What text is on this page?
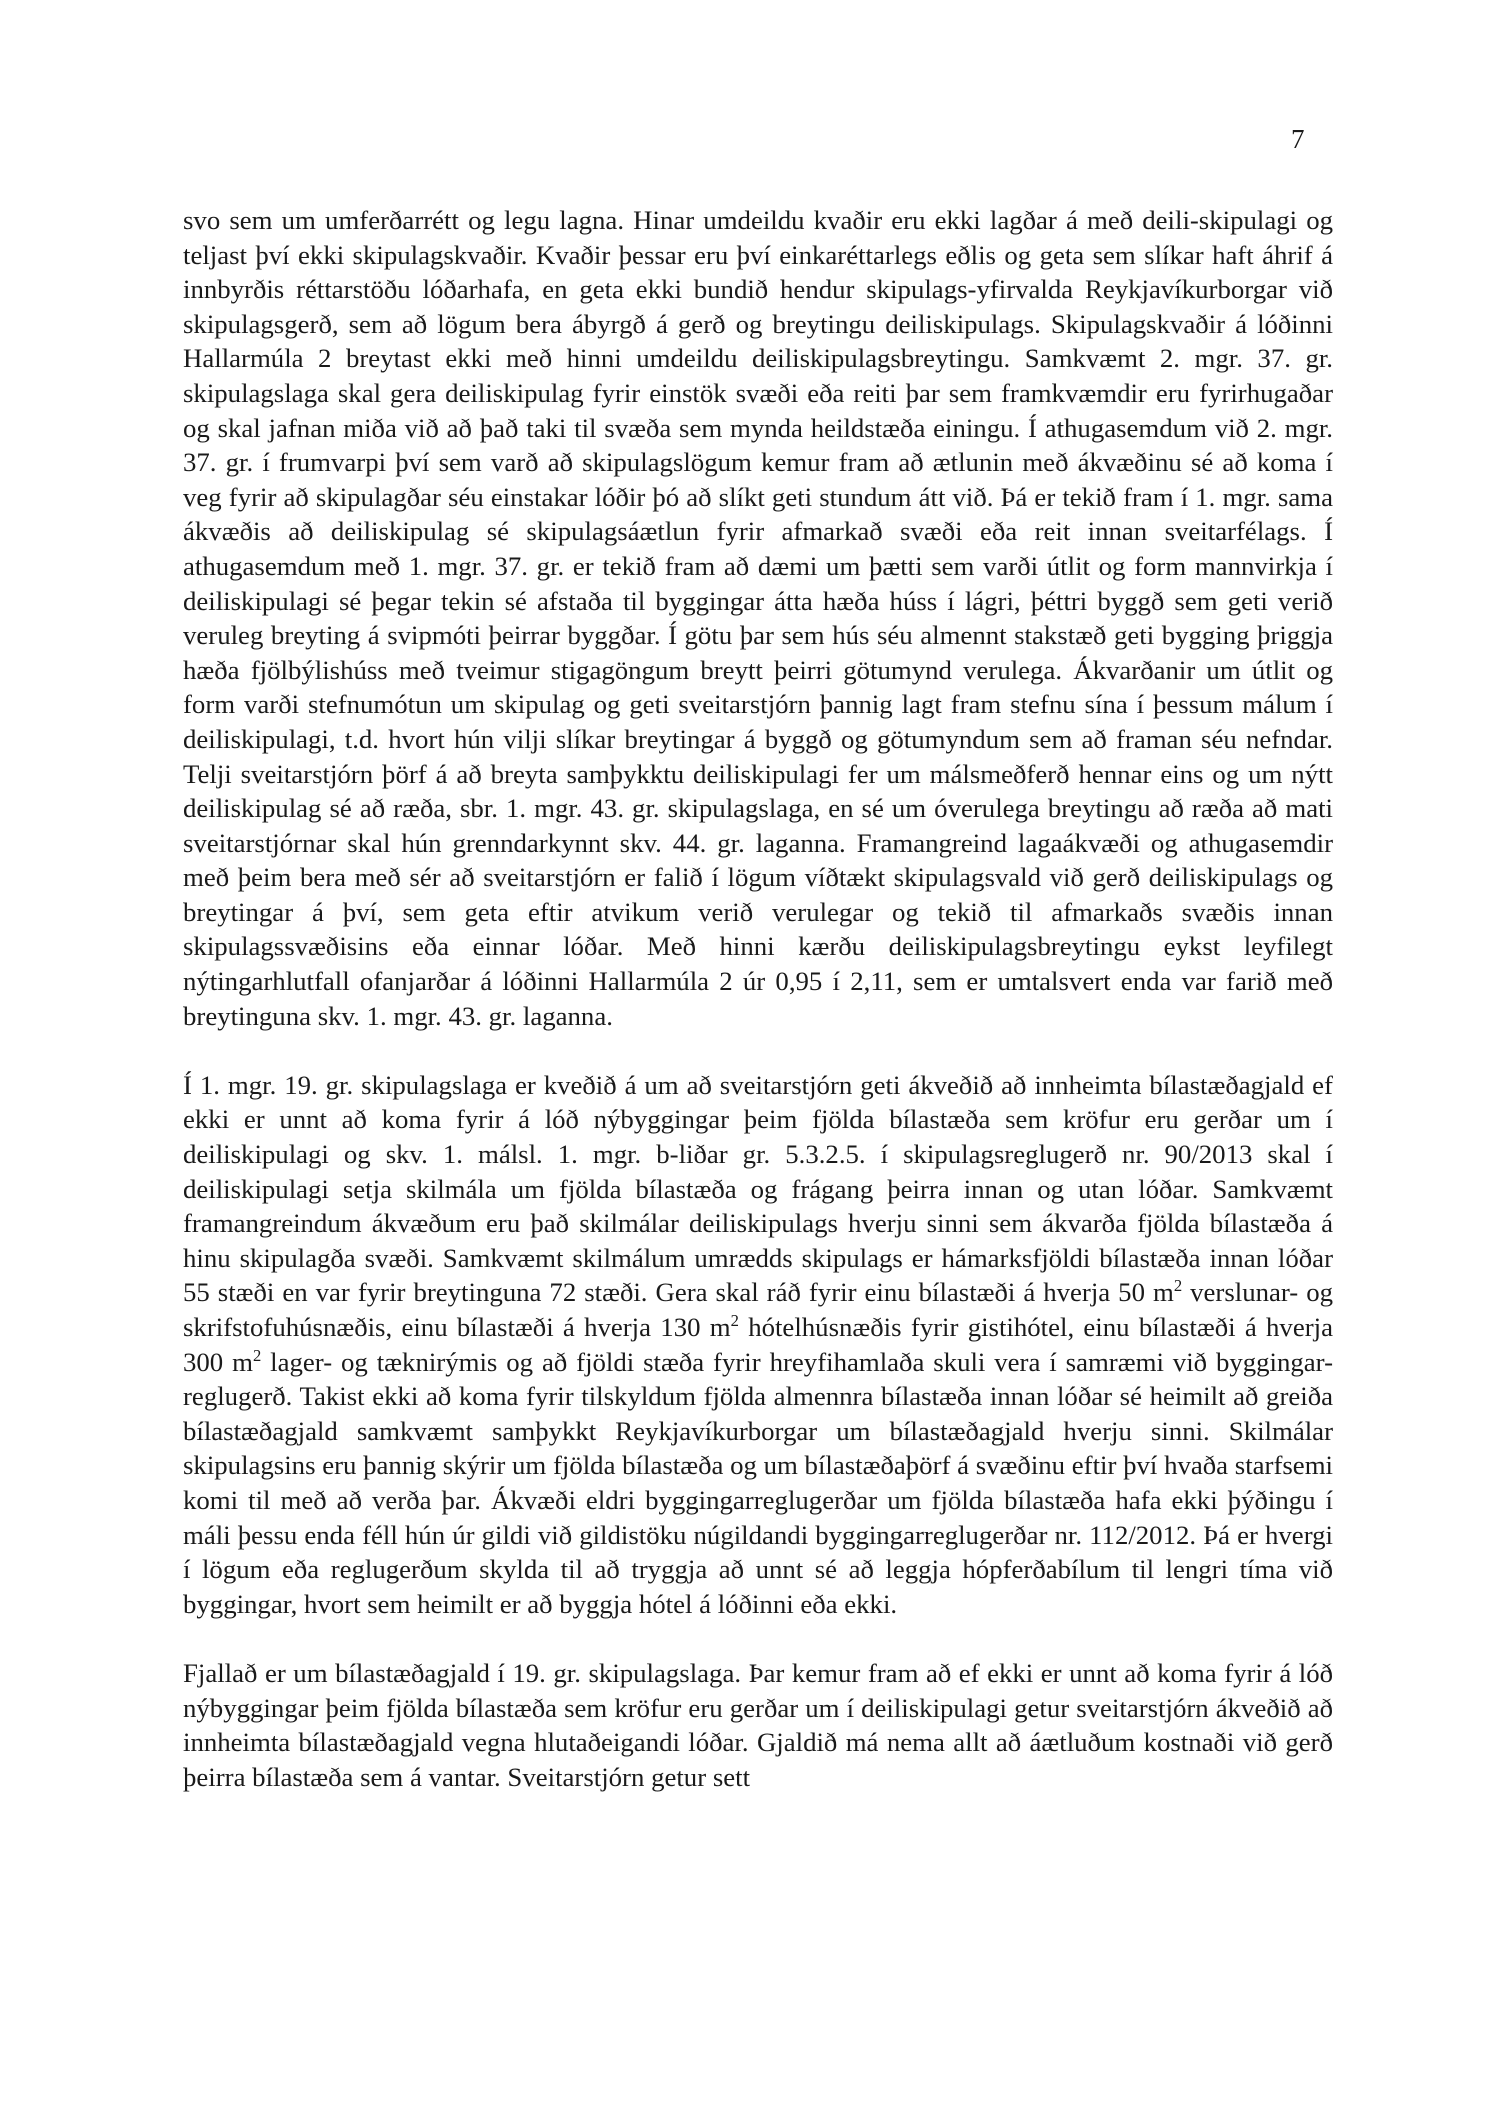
7

svo sem um umferðarrétt og legu lagna. Hinar umdeildu kvaðir eru ekki lagðar á með deili-skipulagi og teljast því ekki skipulagskvaðir. Kvaðir þessar eru því einkaréttarlegs eðlis og geta sem slíkar haft áhrif á innbyrðis réttarstöðu lóðarhafa, en geta ekki bundið hendur skipulags-yfirvalda Reykjavíkurborgar við skipulagsgerð, sem að lögum bera ábyrgð á gerð og breytingu deiliskipulags. Skipulagskvaðir á lóðinni Hallarmúla 2 breytast ekki með hinni umdeildu deiliskipulagsbreytingu. Samkvæmt 2. mgr. 37. gr. skipulagslaga skal gera deiliskipulag fyrir einstök svæði eða reiti þar sem framkvæmdir eru fyrirhugaðar og skal jafnan miða við að það taki til svæða sem mynda heildstæða einingu. Í athugasemdum við 2. mgr. 37. gr. í frumvarpi því sem varð að skipulagslögum kemur fram að ætlunin með ákvæðinu sé að koma í veg fyrir að skipulagðar séu einstakar lóðir þó að slíkt geti stundum átt við. Þá er tekið fram í 1. mgr. sama ákvæðis að deiliskipulag sé skipulagsáætlun fyrir afmarkað svæði eða reit innan sveitarfélags. Í athugasemdum með 1. mgr. 37. gr. er tekið fram að dæmi um þætti sem varði útlit og form mannvirkja í deiliskipulagi sé þegar tekin sé afstaða til byggingar átta hæða húss í lágri, þéttri byggð sem geti verið veruleg breyting á svipmóti þeirrar byggðar. Í götu þar sem hús séu almennt stakstæð geti bygging þriggja hæða fjölbýlishúss með tveimur stigagöngum breytt þeirri götumynd verulega. Ákvarðanir um útlit og form varði stefnumótun um skipulag og geti sveitarstjórn þannig lagt fram stefnu sína í þessum málum í deiliskipulagi, t.d. hvort hún vilji slíkar breytingar á byggð og götumyndum sem að framan séu nefndar. Telji sveitarstjórn þörf á að breyta samþykktu deiliskipulagi fer um málsmeðferð hennar eins og um nýtt deiliskipulag sé að ræða, sbr. 1. mgr. 43. gr. skipulagslaga, en sé um óverulega breytingu að ræða að mati sveitarstjórnar skal hún grenndarkynnt skv. 44. gr. laganna. Framangreind lagaákvæði og athugasemdir með þeim bera með sér að sveitarstjórn er falið í lögum víðtækt skipulagsvald við gerð deiliskipulags og breytingar á því, sem geta eftir atvikum verið verulegar og tekið til afmarkaðs svæðis innan skipulagssvæðisins eða einnar lóðar. Með hinni kærðu deiliskipulagsbreytingu eykst leyfilegt nýtingarhlutfall ofanjarðar á lóðinni Hallarmúla 2 úr 0,95 í 2,11, sem er umtalsvert enda var farið með breytinguna skv. 1. mgr. 43. gr. laganna.

Í 1. mgr. 19. gr. skipulagslaga er kveðið á um að sveitarstjórn geti ákveðið að innheimta bílastæðagjald ef ekki er unnt að koma fyrir á lóð nýbyggingar þeim fjölda bílastæða sem kröfur eru gerðar um í deiliskipulagi og skv. 1. málsl. 1. mgr. b-liðar gr. 5.3.2.5. í skipulagsreglugerð nr. 90/2013 skal í deiliskipulagi setja skilmála um fjölda bílastæða og frágang þeirra innan og utan lóðar. Samkvæmt framangreindum ákvæðum eru það skilmálar deiliskipulags hverju sinni sem ákvarða fjölda bílastæða á hinu skipulagða svæði. Samkvæmt skilmálum umrædds skipulags er hámarksfjöldi bílastæða innan lóðar 55 stæði en var fyrir breytinguna 72 stæði. Gera skal ráð fyrir einu bílastæði á hverja 50 $m^2$ verslunar- og skrifstofuhúsnæðis, einu bílastæði á hverja 130 $m^2$ hótelhúsnæðis fyrir gistihótel, einu bílastæði á hverja 300 $m^2$ lager- og tæknirýmis og að fjöldi stæða fyrir hreyfihamlaða skuli vera í samræmi við byggingar-reglugerð. Takist ekki að koma fyrir tilskyldum fjölda almennra bílastæða innan lóðar sé heimilt að greiða bílastæðagjald samkvæmt samþykkt Reykjavíkurborgar um bílastæðagjald hverju sinni. Skilmálar skipulagsins eru þannig skýrir um fjölda bílastæða og um bílastæðaþörf á svæðinu eftir því hvaða starfsemi komi til með að verða þar. Ákvæði eldri byggingarreglugerðar um fjölda bílastæða hafa ekki þýðingu í máli þessu enda féll hún úr gildi við gildistöku núgildandi byggingarreglugerðar nr. 112/2012. Þá er hvergi í lögum eða reglugerðum skylda til að tryggja að unnt sé að leggja hópferðabílum til lengri tíma við byggingar, hvort sem heimilt er að byggja hótel á lóðinni eða ekki.

Fjallað er um bílastæðagjald í 19. gr. skipulagslaga. Þar kemur fram að ef ekki er unnt að koma fyrir á lóð nýbyggingar þeim fjölda bílastæða sem kröfur eru gerðar um í deiliskipulagi getur sveitarstjórn ákveðið að innheimta bílastæðagjald vegna hlutaðeigandi lóðar. Gjaldið má nema allt að áætluðum kostnaði við gerð þeirra bílastæða sem á vantar. Sveitarstjórn getur sett
